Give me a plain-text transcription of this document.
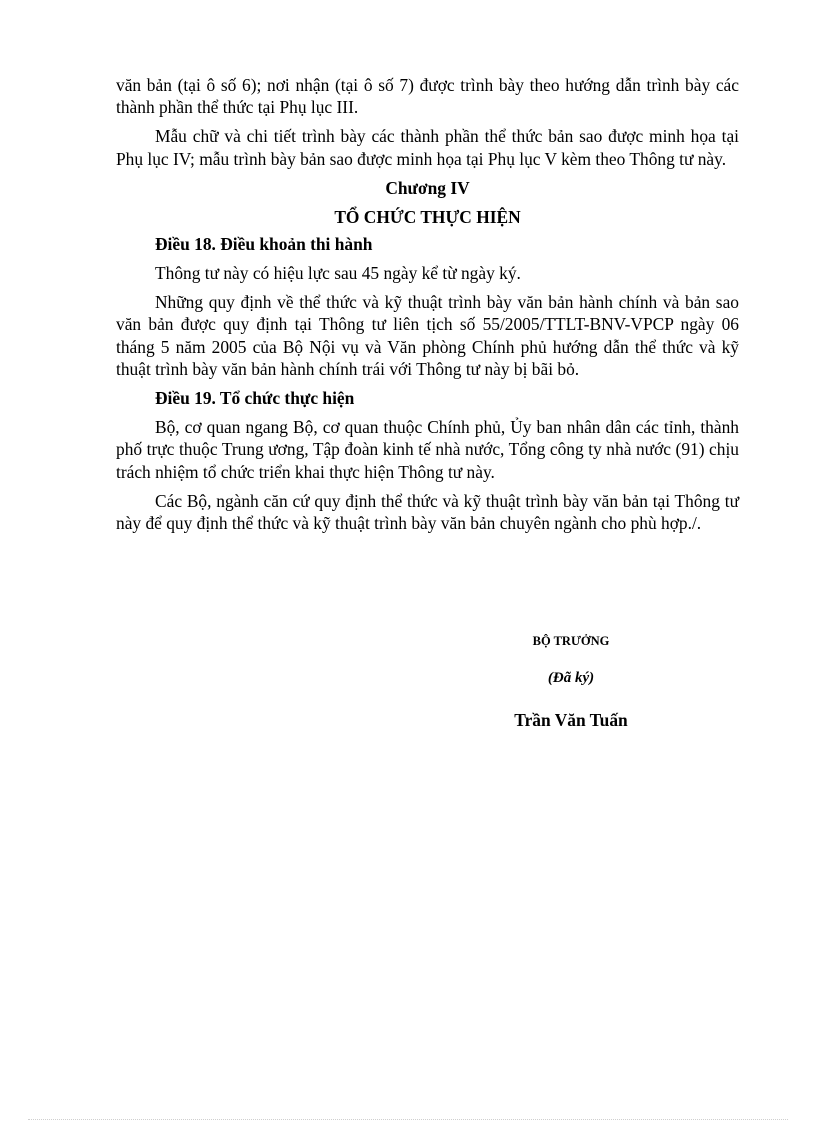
văn bản (tại ô số 6); nơi nhận (tại ô số 7) được trình bày theo hướng dẫn trình bày các thành phần thể thức tại Phụ lục III.

Mẫu chữ và chi tiết trình bày các thành phần thể thức bản sao được minh họa tại Phụ lục IV; mẫu trình bày bản sao được minh họa tại Phụ lục V kèm theo Thông tư này.

Chương IV
TỔ CHỨC THỰC HIỆN
Điều 18. Điều khoản thi hành

Thông tư này có hiệu lực sau 45 ngày kể từ ngày ký.

Những quy định về thể thức và kỹ thuật trình bày văn bản hành chính và bản sao văn bản được quy định tại Thông tư liên tịch số 55/2005/TTLT-BNV-VPCP ngày 06 tháng 5 năm 2005 của Bộ Nội vụ và Văn phòng Chính phủ hướng dẫn thể thức và kỹ thuật trình bày văn bản hành chính trái với Thông tư này bị bãi bỏ.

Điều 19. Tổ chức thực hiện

Bộ, cơ quan ngang Bộ, cơ quan thuộc Chính phủ, Ủy ban nhân dân các tỉnh, thành phố trực thuộc Trung ương, Tập đoàn kinh tế nhà nước, Tổng công ty nhà nước (91) chịu trách nhiệm tổ chức triển khai thực hiện Thông tư này.

Các Bộ, ngành căn cứ quy định thể thức và kỹ thuật trình bày văn bản tại Thông tư này để quy định thể thức và kỹ thuật trình bày văn bản chuyên ngành cho phù hợp./.

BỘ TRƯỞNG
(Đã ký)
Trần Văn Tuấn
